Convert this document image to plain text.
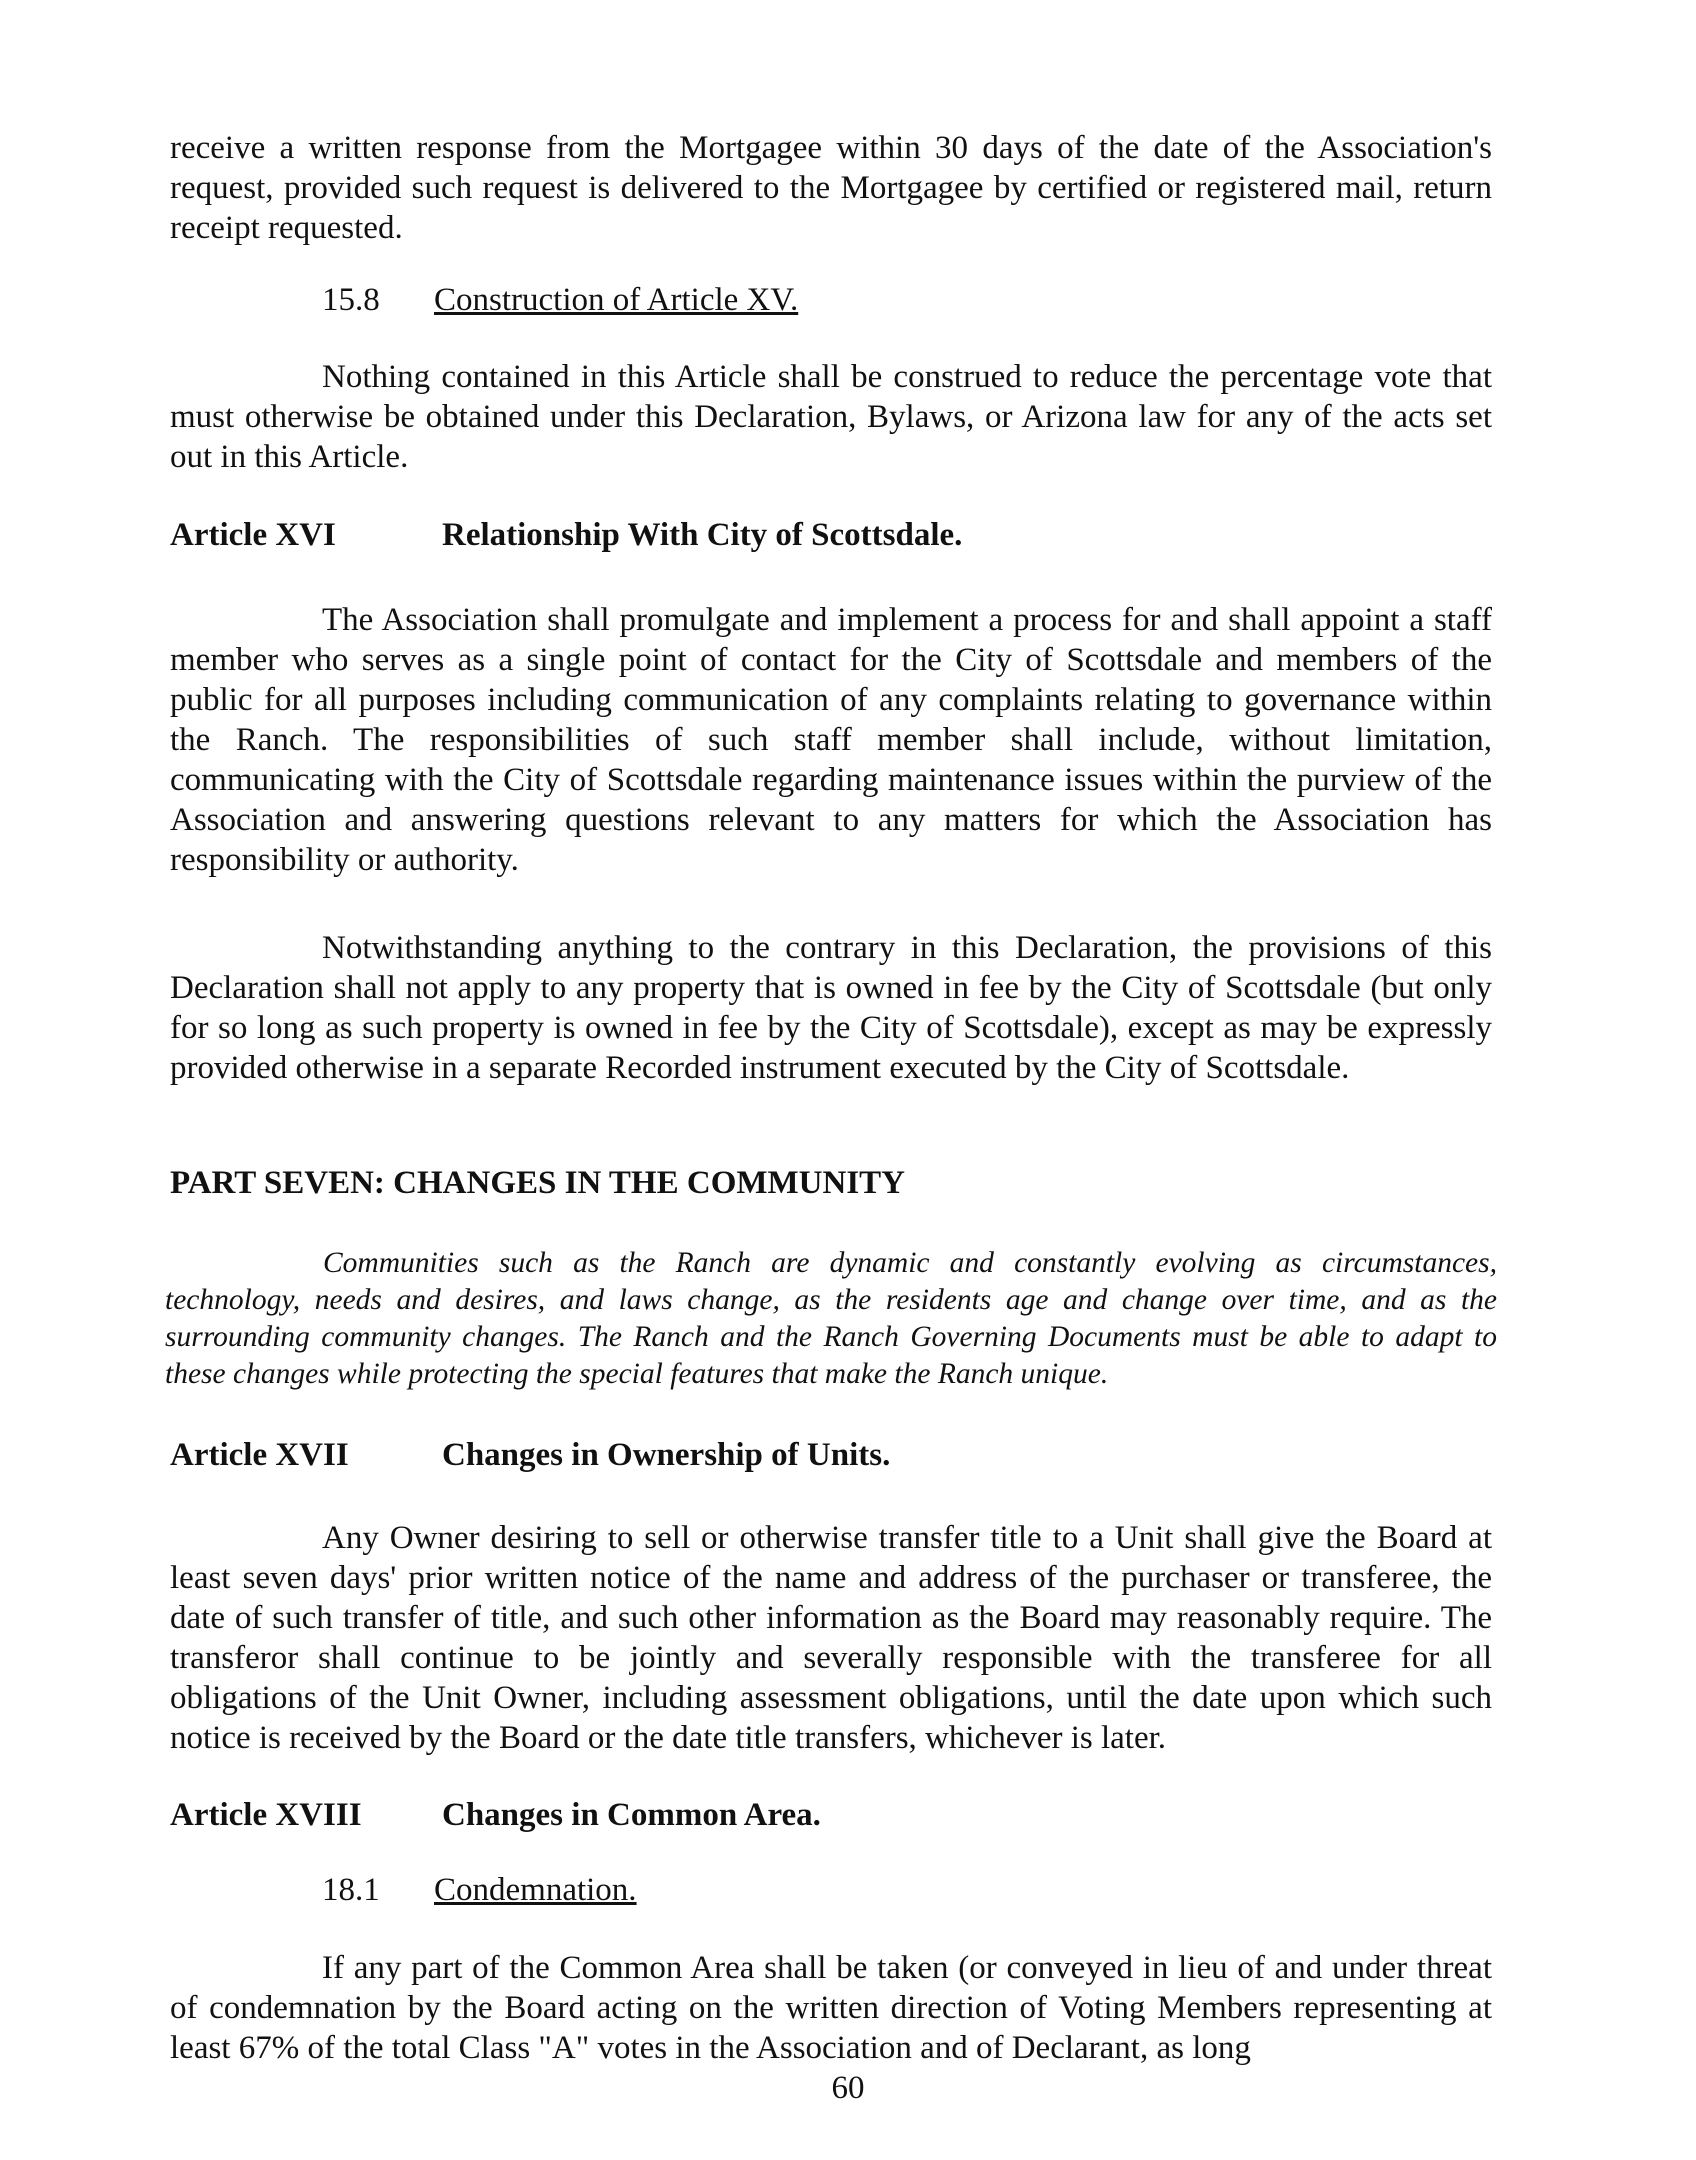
receive a written response from the Mortgagee within 30 days of the date of the Association's request, provided such request is delivered to the Mortgagee by certified or registered mail, return receipt requested.

15.8 Construction of Article XV.

Nothing contained in this Article shall be construed to reduce the percentage vote that must otherwise be obtained under this Declaration, Bylaws, or Arizona law for any of the acts set out in this Article.

Article XVI	Relationship With City of Scottsdale.

The Association shall promulgate and implement a process for and shall appoint a staff member who serves as a single point of contact for the City of Scottsdale and members of the public for all purposes including communication of any complaints relating to governance within the Ranch. The responsibilities of such staff member shall include, without limitation, communicating with the City of Scottsdale regarding maintenance issues within the purview of the Association and answering questions relevant to any matters for which the Association has responsibility or authority.

Notwithstanding anything to the contrary in this Declaration, the provisions of this Declaration shall not apply to any property that is owned in fee by the City of Scottsdale (but only for so long as such property is owned in fee by the City of Scottsdale), except as may be expressly provided otherwise in a separate Recorded instrument executed by the City of Scottsdale.

PART SEVEN: CHANGES IN THE COMMUNITY

Communities such as the Ranch are dynamic and constantly evolving as circumstances, technology, needs and desires, and laws change, as the residents age and change over time, and as the surrounding community changes. The Ranch and the Ranch Governing Documents must be able to adapt to these changes while protecting the special features that make the Ranch unique.

Article XVII	Changes in Ownership of Units.

Any Owner desiring to sell or otherwise transfer title to a Unit shall give the Board at least seven days' prior written notice of the name and address of the purchaser or transferee, the date of such transfer of title, and such other information as the Board may reasonably require. The transferor shall continue to be jointly and severally responsible with the transferee for all obligations of the Unit Owner, including assessment obligations, until the date upon which such notice is received by the Board or the date title transfers, whichever is later.

Article XVIII Changes in Common Area.

18.1 Condemnation.

If any part of the Common Area shall be taken (or conveyed in lieu of and under threat of condemnation by the Board acting on the written direction of Voting Members representing at least 67% of the total Class "A" votes in the Association and of Declarant, as long

60
